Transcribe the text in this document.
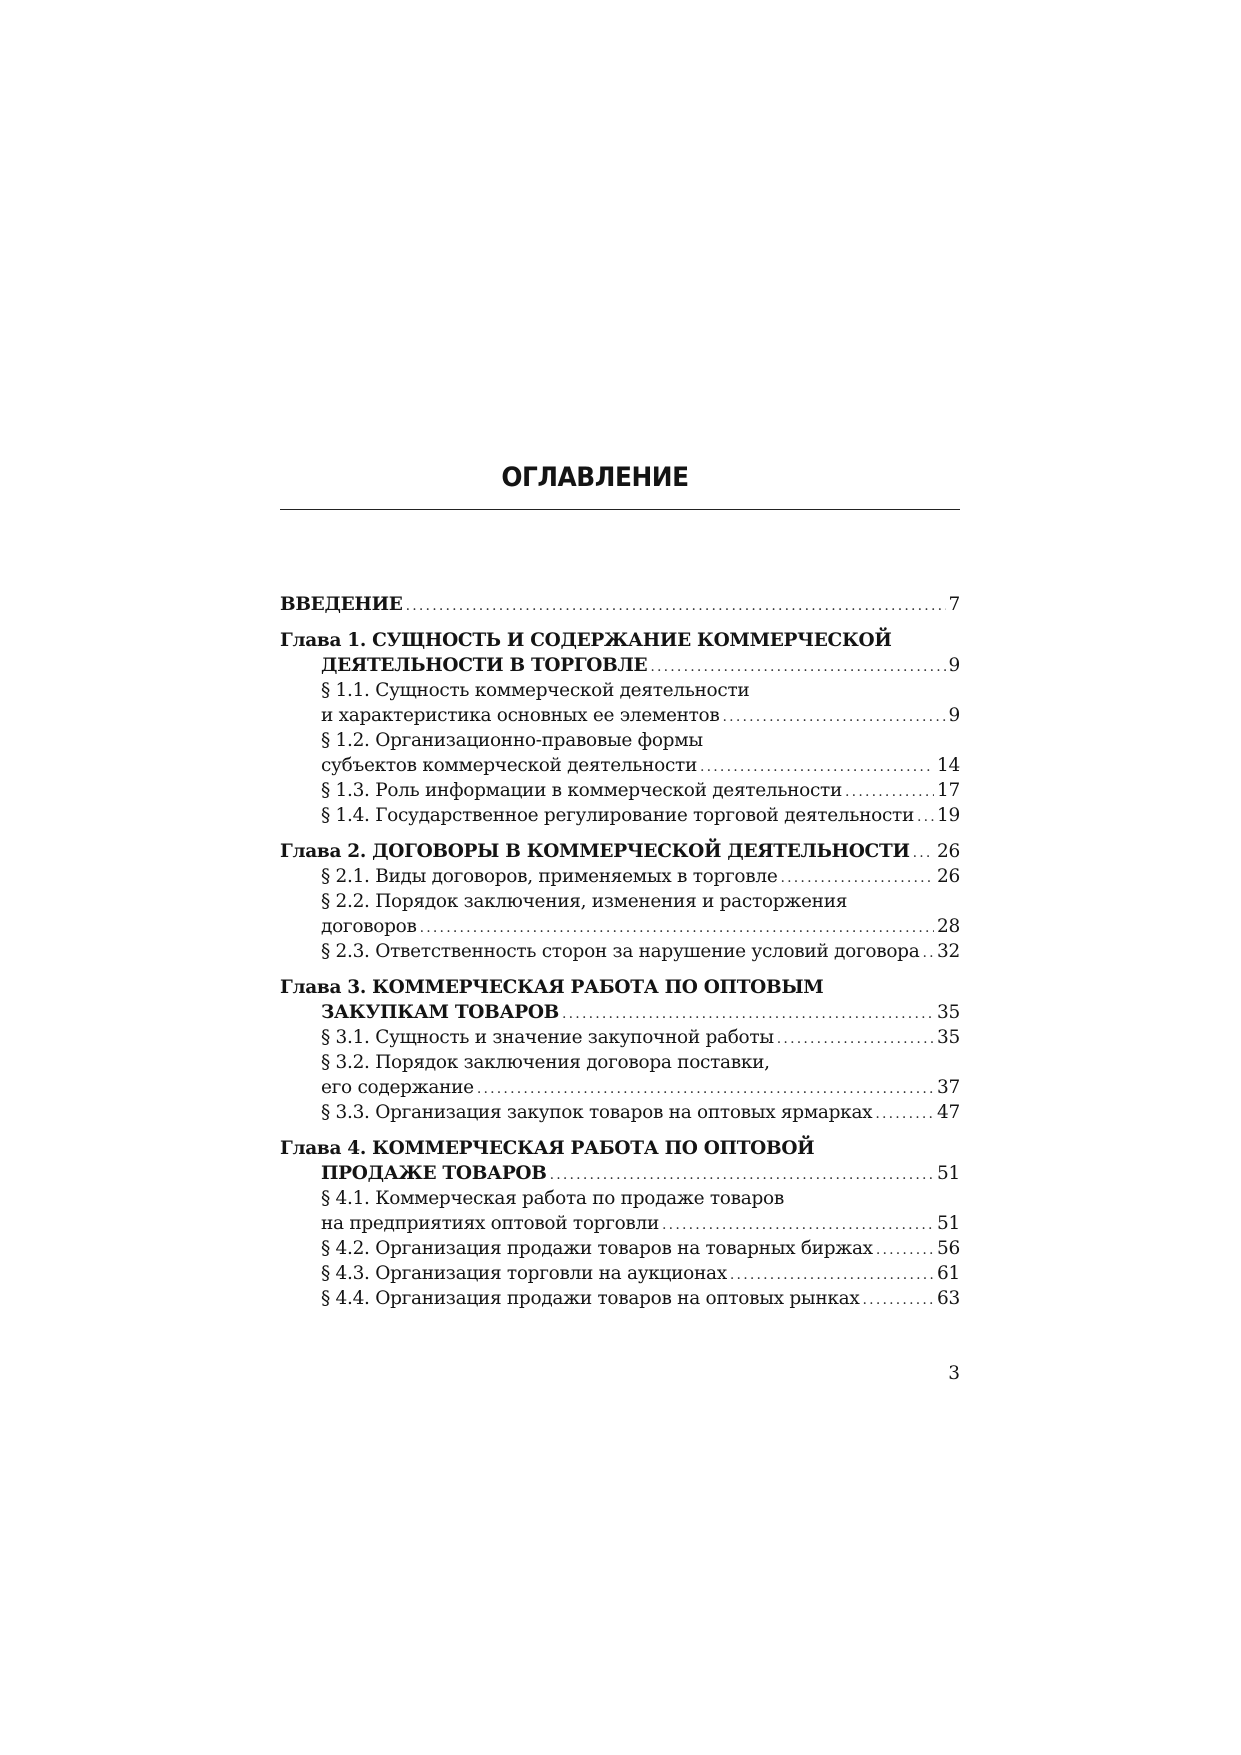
ОГЛАВЛЕНИЕ
ВВЕДЕНИЕ .....	7
Глава 1. СУЩНОСТЬ И СОДЕРЖАНИЕ КОММЕРЧЕСКОЙ
ДЕЯТЕЛЬНОСТИ В ТОРГОВЛЕ .....	9
§ 1.1. Сущность коммерческой деятельности
и характеристика основных ее элементов .....	9
§ 1.2. Организационно-правовые формы
субъектов коммерческой деятельности .....	14
§ 1.3. Роль информации в коммерческой деятельности .....	17
§ 1.4. Государственное регулирование торговой деятельности ..... 19
Глава 2. ДОГОВОРЫ В КОММЕРЧЕСКОЙ ДЕЯТЕЛЬНОСТИ ..... 26
§ 2.1. Виды договоров, применяемых в торговле .....	26
§ 2.2. Порядок заключения, изменения и расторжения
договоров .....	28
§ 2.3. Ответственность сторон за нарушение условий договора ..... 32
Глава 3. КОММЕРЧЕСКАЯ РАБОТА ПО ОПТОВЫМ
ЗАКУПКАМ ТОВАРОВ .....	35
§ 3.1. Сущность и значение закупочной работы .....	35
§ 3.2. Порядок заключения договора поставки,
его содержание .....	37
§ 3.3. Организация закупок товаров на оптовых ярмарках .....	47
Глава 4. КОММЕРЧЕСКАЯ РАБОТА ПО ОПТОВОЙ
ПРОДАЖЕ ТОВАРОВ .....	51
§ 4.1. Коммерческая работа по продаже товаров
на предприятиях оптовой торговли .....	51
§ 4.2. Организация продажи товаров на товарных биржах .....	56
§ 4.3. Организация торговли на аукционах .....	61
§ 4.4. Организация продажи товаров на оптовых рынках .....	63
3
